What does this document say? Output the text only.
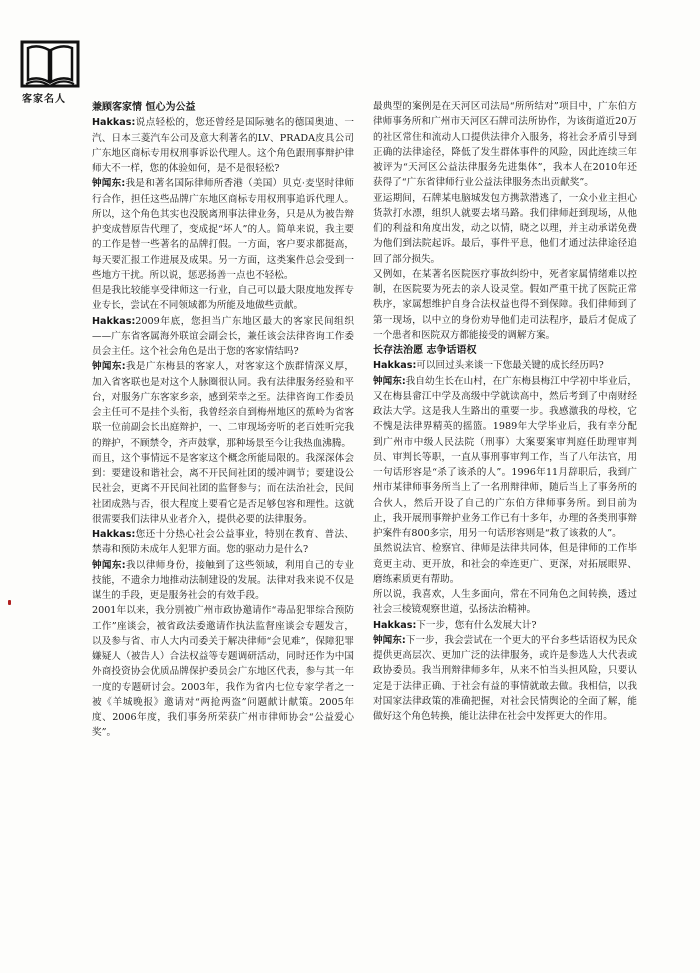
客家名人

兼顾客家情 恒心为公益

Hakkas:说点轻松的，您还曾经是国际驰名的德国奥迪、一汽、日本三菱汽车公司及意大利著名的LV、PRADA皮具公司广东地区商标专用权刑事诉讼代理人。这个角色跟刑事辩护律师大不一样，您的体验如何，是不是很轻松?

钟闻东:我是和著名国际律师所香港（美国）贝克·麦坚时律师行合作，担任这些品牌广东地区商标专用权刑事追诉代理人。所以，这个角色其实也没脱离刑事法律业务，只是从为被告辩护变成替原告代理了，变成捉“坏人”的人。简单来说，我主要的工作是替一些著名的品牌打假。一方面，客户要求都挺高，每天要汇报工作进展及成果。另一方面，这类案件总会受到一些地方干扰。所以说，惩恶扬善一点也不轻松。

但是我比较能享受律师这一行业，自己可以最大限度地发挥专业专长，尝试在不同领域都为所能及地做些贡献。

Hakkas:2009年底，您担当广东地区最大的客家民间组织——广东省客属海外联谊会副会长，兼任该会法律咨询工作委员会主任。这个社会角色是出于您的客家情结吗?

钟闻东:我是广东梅县的客家人，对客家这个族群情深义厚，加入省客联也是对这个人脉圈很认同。我有法律服务经验和平台，对服务广东客家乡亲，感到荣幸之至。法律咨询工作委员会主任可不是挂个头衔，我曾经亲自到梅州地区的蕉岭为省客联一位前副会长出庭辩护，一、二审现场旁听的老百姓听完我的辩护，不顾禁令，齐声鼓掌，那种场景至今让我热血沸腾。

而且，这个事情远不是客家这个概念所能局限的。我深深体会到：要建设和谐社会，离不开民间社团的缓冲调节；要建设公民社会，更离不开民间社团的监督参与；而在法治社会，民间社团成熟与否，很大程度上要看它是否足够包容和理性。这就很需要我们法律从业者介入，提供必要的法律服务。

Hakkas:您还十分热心社会公益事业，特别在教育、普法、禁毒和预防未成年人犯罪方面。您的驱动力是什么?

钟闻东:我以律师身份，接触到了这些领域，利用自己的专业技能，不遗余力地推动法制建设的发展。法律对我来说不仅是谋生的手段，更是服务社会的有效手段。

2001年以来，我分别被广州市政协邀请作“毒品犯罪综合预防工作”座谈会，被省政法委邀请作执法监督座谈会专题发言，以及参与省、市人大内司委关于解决律师“会见难”，保障犯罪嫌疑人（被告人）合法权益等专题调研活动，同时还作为中国外商投资协会优质品牌保护委员会广东地区代表，参与其一年一度的专题研讨会。2003年，我作为省内七位专家学者之一被《羊城晚报》邀请对“两抢两盗”问题献计献策。2005年度、2006年度，我们事务所荣获广州市律师协会“公益爱心奖”。

最典型的案例是在天河区司法局“所所结对”项目中，广东伯方律师事务所和广州市天河区石牌司法所协作，为该街道近20万的社区常住和流动人口提供法律介入服务，将社会矛盾引导到正确的法律途径，降低了发生群体事件的风险，因此连续三年被评为“天河区公益法律服务先进集体”，我本人在2010年还获得了“广东省律师行业公益法律服务杰出贡献奖”。

亚运期间，石牌某电脑城发包方携款潜逃了，一众小业主担心货款打水漂，组织人就要去堵马路。我们律师赶到现场，从他们的利益和角度出发，动之以情，晓之以理，并主动承诺免费为他们到法院起诉。最后，事件平息，他们才通过法律途径追回了部分损失。

又例如，在某著名医院医疗事故纠纷中，死者家属情绪难以控制，在医院要为死去的亲人设灵堂。假如严重干扰了医院正常秩序，家属想维护自身合法权益也得不到保障。我们律师到了第一现场，以中立的身份劝导他们走司法程序，最后才促成了一个患者和医院双方都能接受的调解方案。

长存法治愿 志争话语权

Hakkas:可以回过头来谈一下您最关键的成长经历吗?

钟闻东:我自幼生长在山村，在广东梅县梅江中学初中毕业后，又在梅县畲江中学及高级中学就读高中，然后考到了中南财经政法大学。这是我人生路出的重要一步。我感激我的母校，它不愧是法律界精英的摇篮。1989年大学毕业后，我有幸分配到广州市中级人民法院（刑事）大案要案审判庭任助理审判员、审判长等职，一直从事刑事审判工作，当了八年法官，用一句话形容是“杀了该杀的人”。1996年11月辞职后，我到广州市某律师事务所当上了一名刑辩律师，随后当上了事务所的合伙人，然后开设了自己的广东伯方律师事务所。到目前为止，我开展刑事辩护业务工作已有十多年，办理的各类刑事辩护案件有800多宗，用另一句话形容则是“救了该救的人”。

虽然说法官、检察官、律师是法律共同体，但是律师的工作毕竟更主动、更开放，和社会的牵连更广、更深，对拓展眼界、磨练素质更有帮助。

所以说，我喜欢，人生多面向，常在不同角色之间转换，透过社会三棱镜观察世道，弘扬法治精神。

Hakkas:下一步，您有什么发展大计?

钟闻东:下一步，我会尝试在一个更大的平台多些话语权为民众提供更高层次、更加广泛的法律服务，或许是参选人大代表或政协委员。我当刑辩律师多年，从来不怕当头担风险，只要认定是于法律正确、于社会有益的事情就敢去做。我相信，以我对国家法律政策的准确把握，对社会民情舆论的全面了解，能做好这个角色转换，能让法律在社会中发挥更大的作用。
